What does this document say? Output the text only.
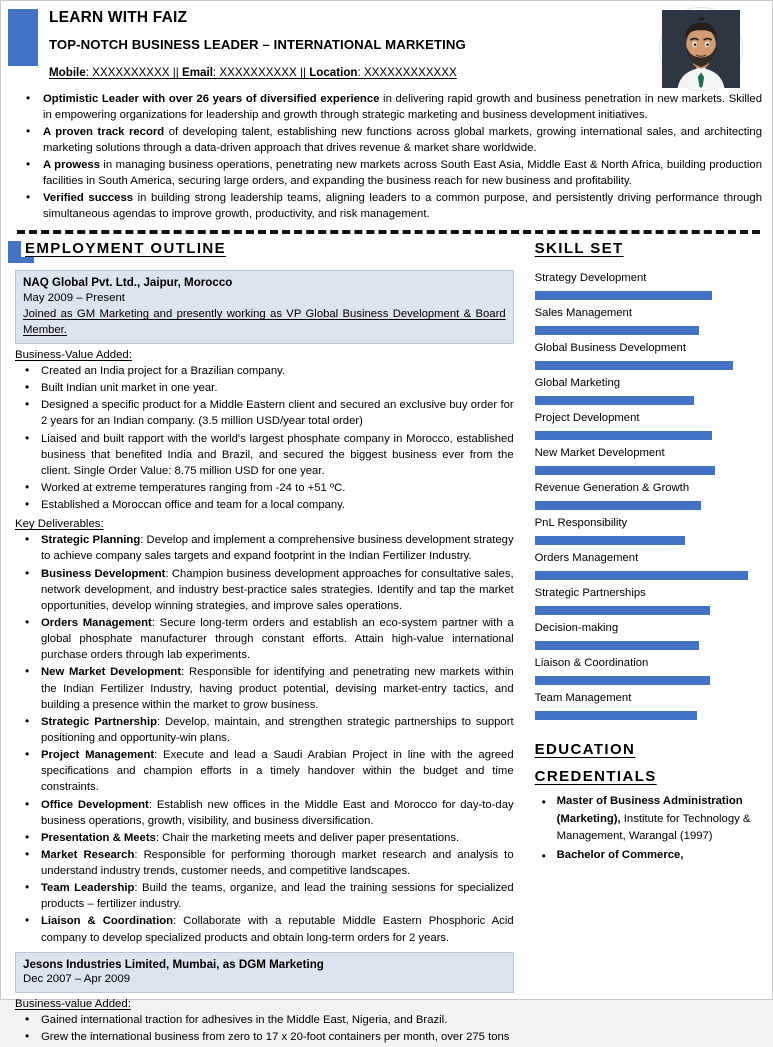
LEARN WITH FAIZ
TOP-NOTCH BUSINESS LEADER – INTERNATIONAL MARKETING
Mobile: XXXXXXXXXX || Email: XXXXXXXXXX || Location: XXXXXXXXXXXX
• Optimistic Leader with over 26 years of diversified experience in delivering rapid growth and business penetration in new markets. Skilled in empowering organizations for leadership and growth through strategic marketing and business development initiatives.
• A proven track record of developing talent, establishing new functions across global markets, growing international sales, and architecting marketing solutions through a data-driven approach that drives revenue & market share worldwide.
• A prowess in managing business operations, penetrating new markets across South East Asia, Middle East & North Africa, building production facilities in South America, securing large orders, and expanding the business reach for new business and profitability.
• Verified success in building strong leadership teams, aligning leaders to a common purpose, and persistently driving performance through simultaneous agendas to improve growth, productivity, and risk management.
EMPLOYMENT OUTLINE
NAQ Global Pvt. Ltd., Jaipur, Morocco
May 2009 – Present
Joined as GM Marketing and presently working as VP Global Business Development & Board Member.
Business-Value Added:
• Created an India project for a Brazilian company.
• Built Indian unit market in one year.
• Designed a specific product for a Middle Eastern client and secured an exclusive buy order for 2 years for an Indian company. (3.5 million USD/year total order)
• Liaised and built rapport with the world's largest phosphate company in Morocco, established business that benefited India and Brazil, and secured the biggest business ever from the client. Single Order Value: 8.75 million USD for one year.
• Worked at extreme temperatures ranging from -24 to +51 ºC.
• Established a Moroccan office and team for a local company.
Key Deliverables:
• Strategic Planning: Develop and implement a comprehensive business development strategy to achieve company sales targets and expand footprint in the Indian Fertilizer Industry.
• Business Development: Champion business development approaches for consultative sales, network development, and industry best-practice sales strategies. Identify and tap the market opportunities, develop winning strategies, and improve sales operations.
• Orders Management: Secure long-term orders and establish an eco-system partner with a global phosphate manufacturer through constant efforts. Attain high-value international purchase orders through lab experiments.
• New Market Development: Responsible for identifying and penetrating new markets within the Indian Fertilizer Industry, having product potential, devising market-entry tactics, and building a presence within the market to grow business.
• Strategic Partnership: Develop, maintain, and strengthen strategic partnerships to support positioning and opportunity-win plans.
• Project Management: Execute and lead a Saudi Arabian Project in line with the agreed specifications and champion efforts in a timely handover within the budget and time constraints.
• Office Development: Establish new offices in the Middle East and Morocco for day-to-day business operations, growth, visibility, and business diversification.
• Presentation & Meets: Chair the marketing meets and deliver paper presentations.
• Market Research: Responsible for performing thorough market research and analysis to understand industry trends, customer needs, and competitive landscapes.
• Team Leadership: Build the teams, organize, and lead the training sessions for specialized products – fertilizer industry.
• Liaison & Coordination: Collaborate with a reputable Middle Eastern Phosphoric Acid company to develop specialized products and obtain long-term orders for 2 years.
Jesons Industries Limited, Mumbai, as DGM Marketing
Dec 2007 – Apr 2009
Business-value Added:
• Gained international traction for adhesives in the Middle East, Nigeria, and Brazil.
• Grew the international business from zero to 17 x 20-foot containers per month, over 275 tons
SKILL SET
Strategy Development
Sales Management
Global Business Development
Global Marketing
Project Development
New Market Development
Revenue Generation & Growth
PnL Responsibility
Orders Management
Strategic Partnerships
Decision-making
Liaison & Coordination
Team Management
EDUCATION
CREDENTIALS
• Master of Business Administration (Marketing), Institute for Technology & Management, Warangal (1997)
• Bachelor of Commerce,
